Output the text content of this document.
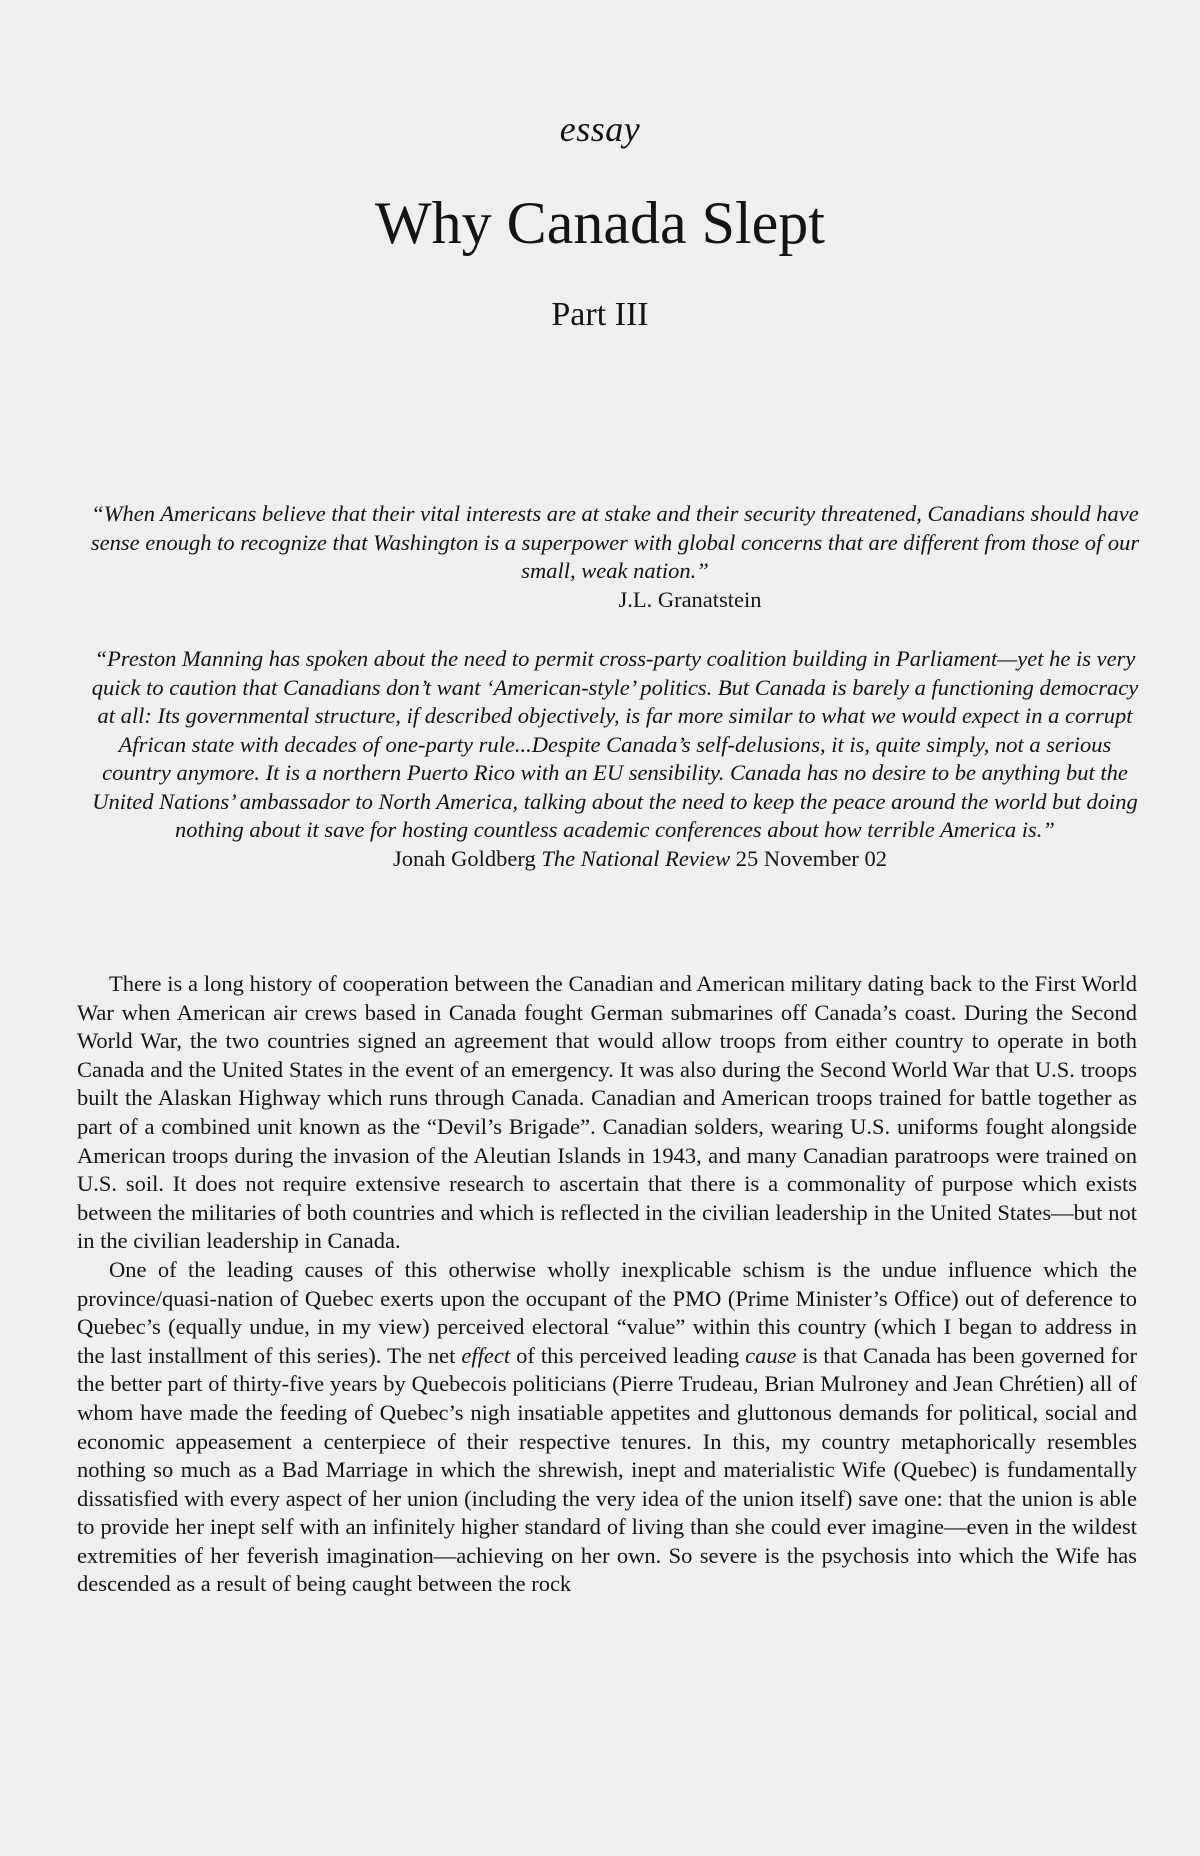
essay
Why Canada Slept
Part III
“When Americans believe that their vital interests are at stake and their security threatened, Canadians should have sense enough to recognize that Washington is a superpower with global concerns that are different from those of our small, weak nation.”
J.L. Granatstein
“Preston Manning has spoken about the need to permit cross-party coalition building in Parliament—yet he is very quick to caution that Canadians don’t want ‘American-style’ politics. But Canada is barely a functioning democracy at all: Its governmental structure, if described objectively, is far more similar to what we would expect in a corrupt African state with decades of one-party rule...Despite Canada’s self-delusions, it is, quite simply, not a serious country anymore. It is a northern Puerto Rico with an EU sensibility. Canada has no desire to be anything but the United Nations’ ambassador to North America, talking about the need to keep the peace around the world but doing nothing about it save for hosting countless academic conferences about how terrible America is.”
Jonah Goldberg The National Review 25 November 02

There is a long history of cooperation between the Canadian and American military dating back to the First World War when American air crews based in Canada fought German submarines off Canada’s coast. During the Second World War, the two countries signed an agreement that would allow troops from either country to operate in both Canada and the United States in the event of an emergency. It was also during the Second World War that U.S. troops built the Alaskan Highway which runs through Canada. Canadian and American troops trained for battle together as part of a combined unit known as the “Devil’s Brigade”. Canadian solders, wearing U.S. uniforms fought alongside American troops during the invasion of the Aleutian Islands in 1943, and many Canadian paratroops were trained on U.S. soil. It does not require extensive research to ascertain that there is a commonality of purpose which exists between the militaries of both countries and which is reflected in the civilian leadership in the United States—but not in the civilian leadership in Canada.

One of the leading causes of this otherwise wholly inexplicable schism is the undue influence which the province/quasi-nation of Quebec exerts upon the occupant of the PMO (Prime Minister’s Office) out of deference to Quebec’s (equally undue, in my view) perceived electoral “value” within this country (which I began to address in the last installment of this series). The net effect of this perceived leading cause is that Canada has been governed for the better part of thirty-five years by Quebecois politicians (Pierre Trudeau, Brian Mulroney and Jean Chrétien) all of whom have made the feeding of Quebec’s nigh insatiable appetites and gluttonous demands for political, social and economic appeasement a centerpiece of their respective tenures. In this, my country metaphorically resembles nothing so much as a Bad Marriage in which the shrewish, inept and materialistic Wife (Quebec) is fundamentally dissatisfied with every aspect of her union (including the very idea of the union itself) save one: that the union is able to provide her inept self with an infinitely higher standard of living than she could ever imagine—even in the wildest extremities of her feverish imagination—achieving on her own. So severe is the psychosis into which the Wife has descended as a result of being caught between the rock
